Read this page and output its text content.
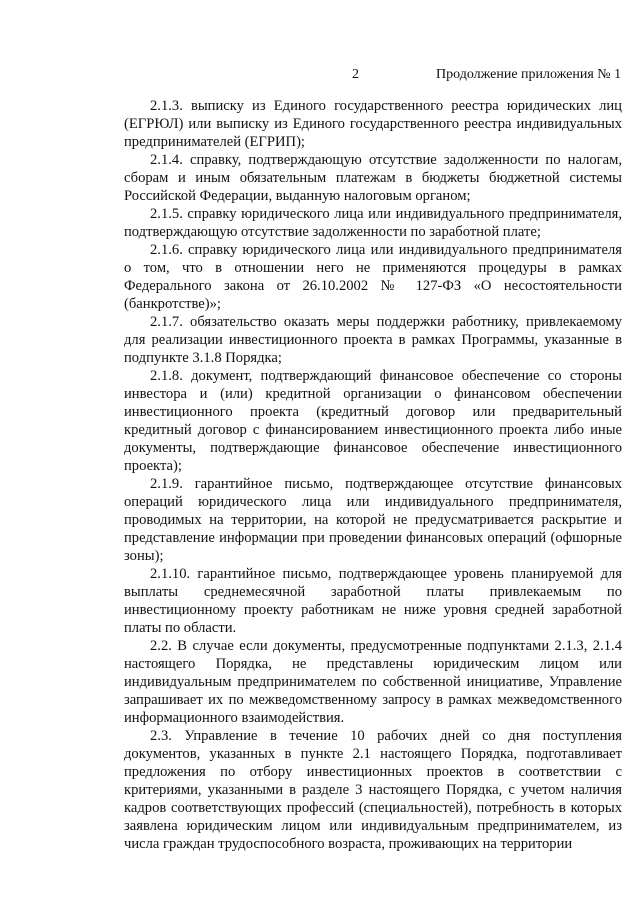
2	Продолжение приложения № 1

2.1.3. выписку из Единого государственного реестра юридических лиц (ЕГРЮЛ) или выписку из Единого государственного реестра индивидуальных предпринимателей (ЕГРИП);

2.1.4. справку, подтверждающую отсутствие задолженности по налогам, сборам и иным обязательным платежам в бюджеты бюджетной системы Российской Федерации, выданную налоговым органом;

2.1.5. справку юридического лица или индивидуального предпринимателя, подтверждающую отсутствие задолженности по заработной плате;

2.1.6. справку юридического лица или индивидуального предпринимателя о том, что в отношении него не применяются процедуры в рамках Федерального закона от 26.10.2002 № 127-ФЗ «О несостоятельности (банкротстве)»;

2.1.7. обязательство оказать меры поддержки работнику, привлекаемому для реализации инвестиционного проекта в рамках Программы, указанные в подпункте 3.1.8 Порядка;

2.1.8. документ, подтверждающий финансовое обеспечение со стороны инвестора и (или) кредитной организации о финансовом обеспечении инвестиционного проекта (кредитный договор или предварительный кредитный договор с финансированием инвестиционного проекта либо иные документы, подтверждающие финансовое обеспечение инвестиционного проекта);

2.1.9. гарантийное письмо, подтверждающее отсутствие финансовых операций юридического лица или индивидуального предпринимателя, проводимых на территории, на которой не предусматривается раскрытие и представление информации при проведении финансовых операций (офшорные зоны);

2.1.10. гарантийное письмо, подтверждающее уровень планируемой для выплаты среднемесячной заработной платы привлекаемым по инвестиционному проекту работникам не ниже уровня средней заработной платы по области.

2.2. В случае если документы, предусмотренные подпунктами 2.1.3, 2.1.4 настоящего Порядка, не представлены юридическим лицом или индивидуальным предпринимателем по собственной инициативе, Управление запрашивает их по межведомственному запросу в рамках межведомственного информационного взаимодействия.

2.3. Управление в течение 10 рабочих дней со дня поступления документов, указанных в пункте 2.1 настоящего Порядка, подготавливает предложения по отбору инвестиционных проектов в соответствии с критериями, указанными в разделе 3 настоящего Порядка, с учетом наличия кадров соответствующих профессий (специальностей), потребность в которых заявлена юридическим лицом или индивидуальным предпринимателем, из числа граждан трудоспособного возраста, проживающих на территории
